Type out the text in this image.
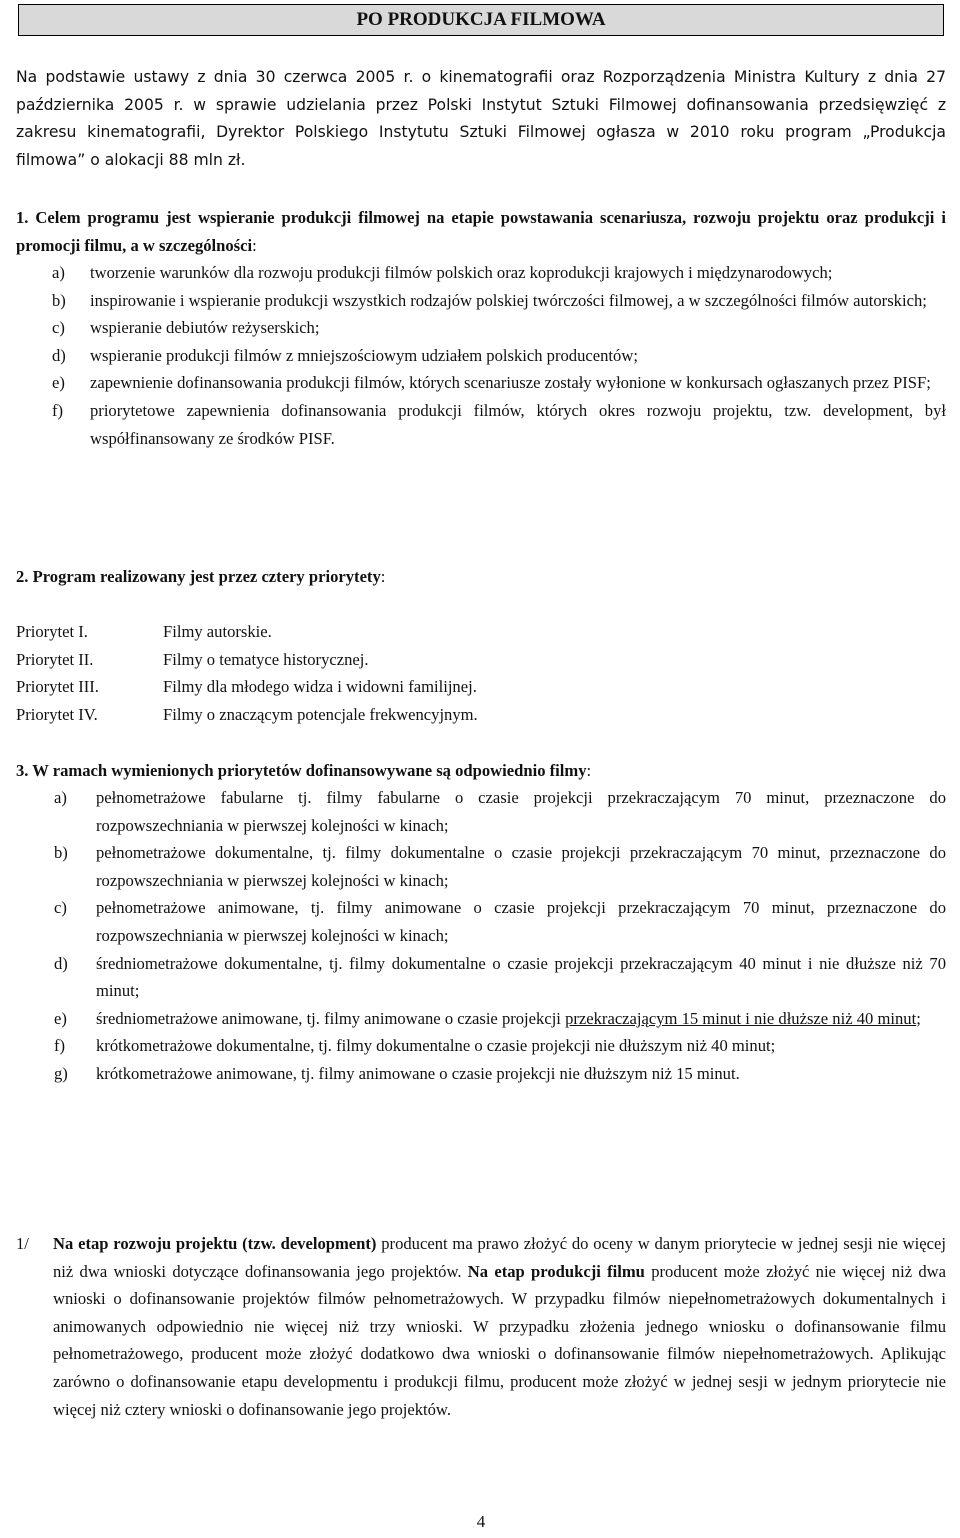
PO PRODUKCJA FILMOWA

Na podstawie ustawy z dnia 30 czerwca 2005 r. o kinematografii oraz Rozporządzenia Ministra Kultury z dnia 27 października 2005 r. w sprawie udzielania przez Polski Instytut Sztuki Filmowej dofinansowania przedsięwzięć z zakresu kinematografii, Dyrektor Polskiego Instytutu Sztuki Filmowej ogłasza w 2010 roku program „Produkcja filmowa” o alokacji 88 mln zł.

1. Celem programu jest wspieranie produkcji filmowej na etapie powstawania scenariusza, rozwoju projektu oraz produkcji i promocji filmu, a w szczególności:

a) tworzenie warunków dla rozwoju produkcji filmów polskich oraz koprodukcji krajowych i międzynarodowych;
b) inspirowanie i wspieranie produkcji wszystkich rodzajów polskiej twórczości filmowej, a w szczególności filmów autorskich;
c) wspieranie debiutów reżyserskich;
d) wspieranie produkcji filmów z mniejszościowym udziałem polskich producentów;
e) zapewnienie dofinansowania produkcji filmów, których scenariusze zostały wyłonione w konkursach ogłaszanych przez PISF;
f) priorytetowe zapewnienia dofinansowania produkcji filmów, których okres rozwoju projektu, tzw. development, był współfinansowany ze środków PISF.

2. Program realizowany jest przez cztery priorytety:

Priorytet I.	Filmy autorskie.
Priorytet II.	Filmy o tematyce historycznej.
Priorytet III.	Filmy dla młodego widza i widowni familijnej.
Priorytet IV.	Filmy o znaczącym potencjale frekwencyjnym.

3. W ramach wymienionych priorytetów dofinansowywane są odpowiednio filmy:

a) pełnometrażowe fabularne tj. filmy fabularne o czasie projekcji przekraczającym 70 minut, przeznaczone do rozpowszechniania w pierwszej kolejności w kinach;
b) pełnometrażowe dokumentalne, tj. filmy dokumentalne o czasie projekcji przekraczającym 70 minut, przeznaczone do rozpowszechniania w pierwszej kolejności w kinach;
c) pełnometrażowe animowane, tj. filmy animowane o czasie projekcji przekraczającym 70 minut, przeznaczone do rozpowszechniania w pierwszej kolejności w kinach;
d) średniometrażowe dokumentalne, tj. filmy dokumentalne o czasie projekcji przekraczającym 40 minut i nie dłuższe niż 70 minut;
e) średniometrażowe animowane, tj. filmy animowane o czasie projekcji przekraczającym 15 minut i nie dłuższe niż 40 minut;
f) krótkometrażowe dokumentalne, tj. filmy dokumentalne o czasie projekcji nie dłuższym niż 40 minut;
g) krótkometrażowe animowane, tj. filmy animowane o czasie projekcji nie dłuższym niż 15 minut.
1/ Na etap rozwoju projektu (tzw. development) producent ma prawo złożyć do oceny w danym priorytecie w jednej sesji nie więcej niż dwa wnioski dotyczące dofinansowania jego projektów. Na etap produkcji filmu producent może złożyć nie więcej niż dwa wnioski o dofinansowanie projektów filmów pełnometrażowych. W przypadku filmów niepełnometrażowych dokumentalnych i animowanych odpowiednio nie więcej niż trzy wnioski. W przypadku złożenia jednego wniosku o dofinansowanie filmu pełnometrażowego, producent może złożyć dodatkowo dwa wnioski o dofinansowanie filmów niepełnometrażowych. Aplikując zarówno o dofinansowanie etapu developmentu i produkcji filmu, producent może złożyć w jednej sesji w jednym priorytecie nie więcej niż cztery wnioski o dofinansowanie jego projektów.
4
